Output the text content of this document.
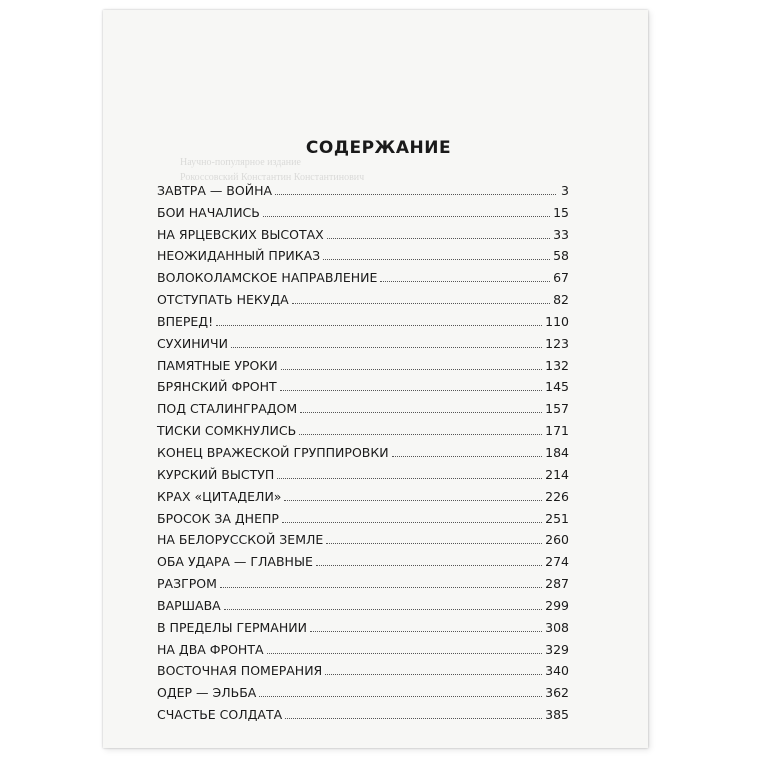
СОДЕРЖАНИЕ
ЗАВТРА — ВОЙНА	3
БОИ НАЧАЛИСЬ	15
НА ЯРЦЕВСКИХ ВЫСОТАХ	33
НЕОЖИДАННЫЙ ПРИКАЗ	58
ВОЛОКОЛАМСКОЕ НАПРАВЛЕНИЕ	67
ОТСТУПАТЬ НЕКУДА	82
ВПЕРЕД!	110
СУХИНИЧИ	123
ПАМЯТНЫЕ УРОКИ	132
БРЯНСКИЙ ФРОНТ	145
ПОД СТАЛИНГРАДОМ	157
ТИСКИ СОМКНУЛИСЬ	171
КОНЕЦ ВРАЖЕСКОЙ ГРУППИРОВКИ	184
КУРСКИЙ ВЫСТУП	214
КРАХ «ЦИТАДЕЛИ»	226
БРОСОК ЗА ДНЕПР	251
НА БЕЛОРУССКОЙ ЗЕМЛЕ	260
ОБА УДАРА — ГЛАВНЫЕ	274
РАЗГРОМ	287
ВАРШАВА	299
В ПРЕДЕЛЫ ГЕРМАНИИ	308
НА ДВА ФРОНТА	329
ВОСТОЧНАЯ ПОМЕРАНИЯ	340
ОДЕР — ЭЛЬБА	362
СЧАСТЬЕ СОЛДАТА	385
